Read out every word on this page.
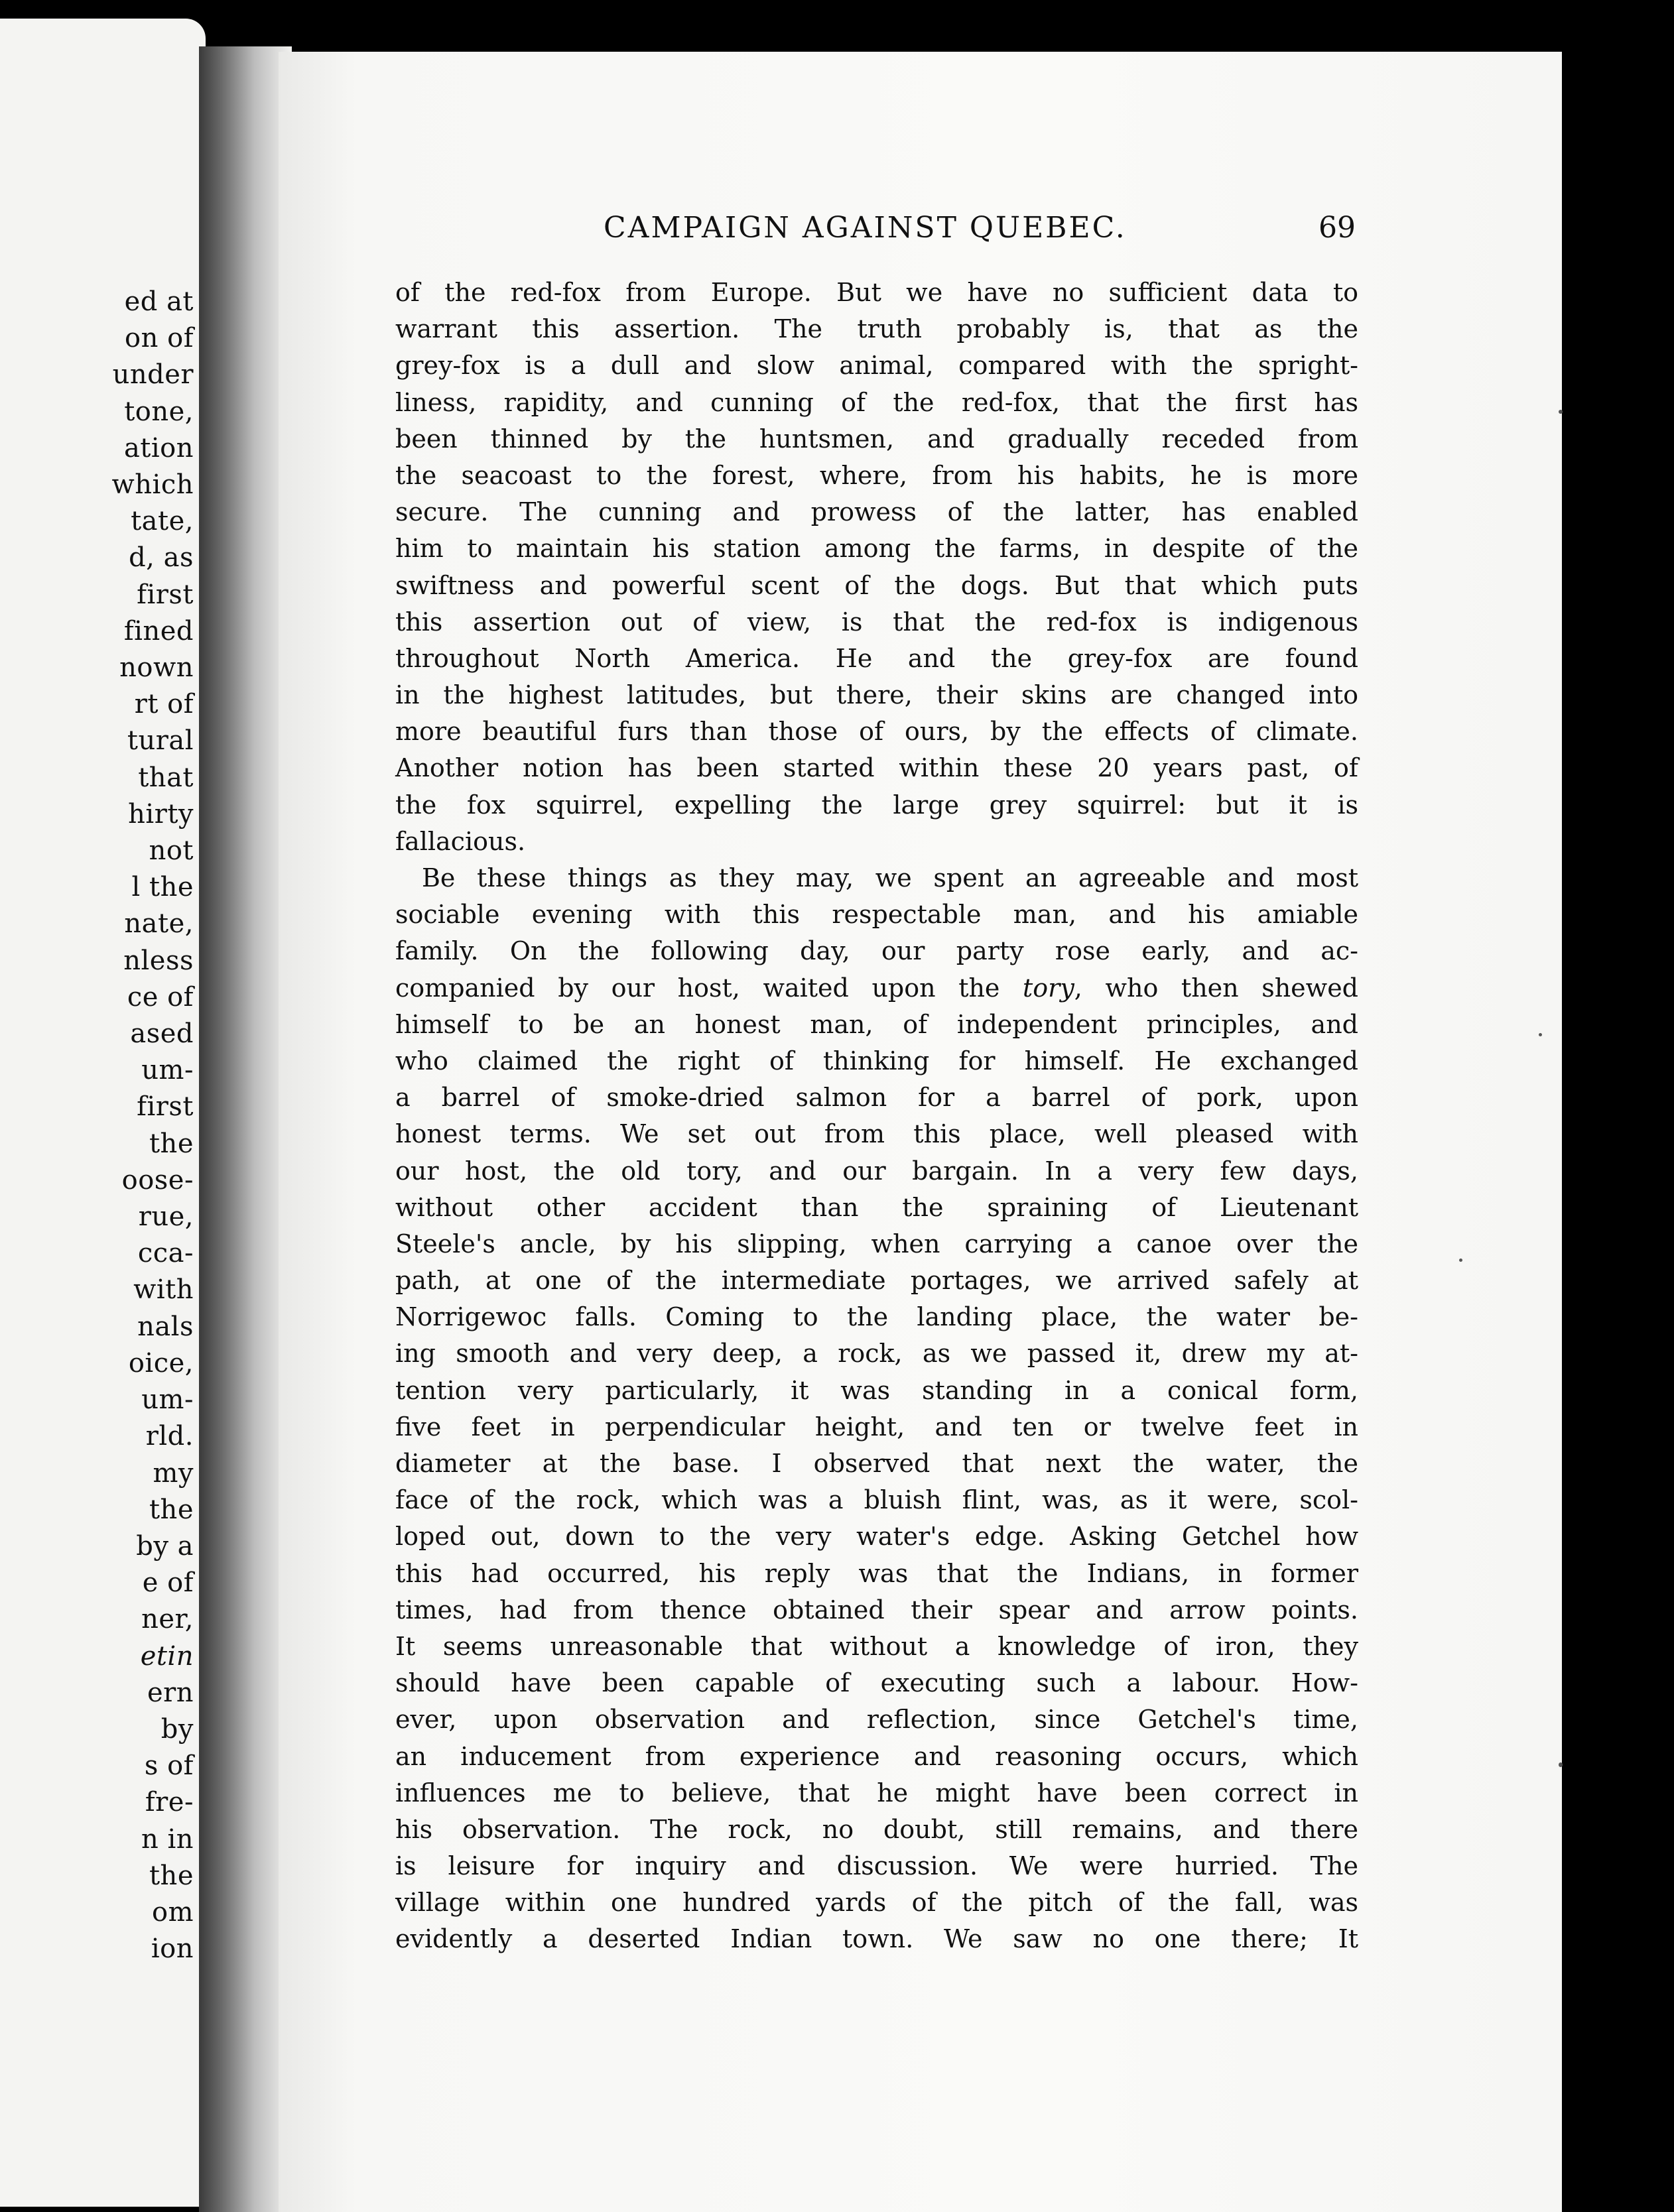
ed at
on of
under
tone,
ation
which
tate,
d, as
first
fined
nown
rt of
tural
that
hirty
not
l the
nate,
nless
ce of
ased
um-
first
the
oose-
rue,
cca-
with
nals
oice,
um-
rld.
my
the
by a
e of
ner,
etin
ern
by
s of
fre-
n in
the
om
ion
CAMPAIGN AGAINST QUEBEC.	69
of the red-fox from Europe. But we have no sufficient data to
warrant this assertion. The truth probably is, that as the
grey-fox is a dull and slow animal, compared with the spright-
liness, rapidity, and cunning of the red-fox, that the first has
been thinned by the huntsmen, and gradually receded from
the seacoast to the forest, where, from his habits, he is more
secure. The cunning and prowess of the latter, has enabled
him to maintain his station among the farms, in despite of the
swiftness and powerful scent of the dogs. But that which puts
this assertion out of view, is that the red-fox is indigenous
throughout North America. He and the grey-fox are found
in the highest latitudes, but there, their skins are changed into
more beautiful furs than those of ours, by the effects of climate.
Another notion has been started within these 20 years past, of
the fox squirrel, expelling the large grey squirrel: but it is
fallacious.
Be these things as they may, we spent an agreeable and most
sociable evening with this respectable man, and his amiable
family. On the following day, our party rose early, and ac-
companied by our host, waited upon the tory, who then shewed
himself to be an honest man, of independent principles, and
who claimed the right of thinking for himself. He exchanged
a barrel of smoke-dried salmon for a barrel of pork, upon
honest terms. We set out from this place, well pleased with
our host, the old tory, and our bargain. In a very few days,
without other accident than the spraining of Lieutenant
Steele's ancle, by his slipping, when carrying a canoe over the
path, at one of the intermediate portages, we arrived safely at
Norrigewoc falls. Coming to the landing place, the water be-
ing smooth and very deep, a rock, as we passed it, drew my at-
tention very particularly, it was standing in a conical form,
five feet in perpendicular height, and ten or twelve feet in
diameter at the base. I observed that next the water, the
face of the rock, which was a bluish flint, was, as it were, scol-
loped out, down to the very water's edge. Asking Getchel how
this had occurred, his reply was that the Indians, in former
times, had from thence obtained their spear and arrow points.
It seems unreasonable that without a knowledge of iron, they
should have been capable of executing such a labour. How-
ever, upon observation and reflection, since Getchel's time,
an inducement from experience and reasoning occurs, which
influences me to believe, that he might have been correct in
his observation. The rock, no doubt, still remains, and there
is leisure for inquiry and discussion. We were hurried. The
village within one hundred yards of the pitch of the fall, was
evidently a deserted Indian town. We saw no one there; It
